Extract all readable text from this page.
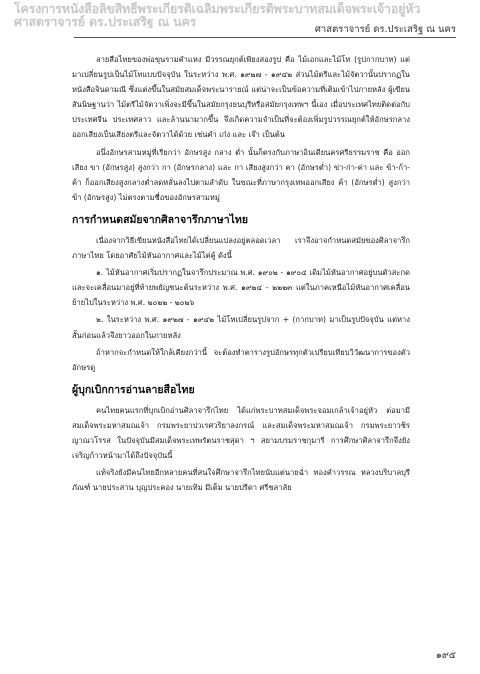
โครงการหนังสือลิขสิทธิ์พระเกียรติเฉลิมพระเกียรติพระบาทสมเด็จพระเจ้าอยู่หัว
ศาสตราจารย์ ดร.ประเสริฐ ณ นคร
ศาสตราจารย์ ดร.ประเสริฐ ณ นคร

ลายสือไทยของพ่อขุนรามคำแหง มีวรรณยุกต์เพียงสองรูป คือ ไม้เอกและไม้โท (รูปกากบาท) แต่มาเปลี่ยนรูปเป็นไม้โทแบบปัจจุบัน ในระหว่าง พ.ศ. ๑๙๒๗ - ๑๙๔๒ ส่วนไม้ตรีและไม้จัตวานั้นปรากฏในหนังสือจินดามณี ซึ่งแต่งขึ้นในสมัยสมเด็จพระนารายณ์ แต่น่าจะเป็นข้อความที่เติมเข้าไปภายหลัง ผู้เขียนสันนิษฐานว่า ไม้ตรีไม้จัตวาเพิ่งจะมีขึ้นในสมัยกรุงธนบุรีหรือสมัยกรุงเทพฯ นี้เอง เมื่อประเทศไทยติดต่อกับประเทศจีน ประเทศลาว และล้านนามากขึ้น จึงเกิดความจำเป็นที่จะต้องเพิ่มรูปวรรณยุกต์ให้อักษรกลางออกเสียงเป็นเสียงตรีและจัตวาได้ด้วย เช่นคำ เก๋ง และ เจ๊า เป็นต้น

อนึ่งอักษรสามหมู่ที่เรียกว่า อักษรสูง กลาง ต่ำ นั้นก็ตรงกับภาษาอินเดียนครศรีธรรมราช คือ ออกเสียง ขา (อักษรสูง) สูงกว่า กา (อักษรกลาง) และ กา เสียงสูงกว่า คา (อักษรต่ำ) ข่า-ก่า-ค่า และ ข้า-ก้า-ค้า ก็ออกเสียงสูงกลางต่ำลดหลั่นลงไปตามลำดับ ในขณะที่ภาษากรุงเทพออกเสียง ค้า (อักษรต่ำ) สูงกว่า ข้า (อักษรสูง) ไม่ตรงตามชื่อของอักษรสามหมู่

การกำหนดสมัยจากศิลาจารึกภาษาไทย

เนื่องจากวิธีเขียนหนังสือไทยได้เปลี่ยนแปลงอยู่ตลอดเวลา เราจึงอาจกำหนดสมัยของศิลาจารึกภาษาไทย โดยอาศัยไม้หันอากาศและไม้ไต่คู้ ดังนี้

๑. ไม้หันอากาศเริ่มปรากฏในจารึกประมาณ พ.ศ. ๑๙๐๒ - ๑๙๐๔ เดิมไม้หันอากาศอยู่บนตัวสะกดและจะเคลื่อนมาอยู่ที่ท้ายพยัญชนะต้นระหว่าง พ.ศ. ๑๙๒๔ - ๒๒๒๓ แต่ในภาคเหนือไม้หันอากาศเคลื่อนย้ายไปในระหว่าง พ.ศ. ๒๐๒๒ - ๒๐๒๖

๒. ในระหว่าง พ.ศ. ๑๙๒๗ - ๑๙๔๒ ไม้โทเปลี่ยนรูปจาก + (กากบาท) มาเป็นรูปปัจจุบัน แต่หางสั้นก่อนแล้วจึงยาวออกในภายหลัง

ถ้าหากจะกำหนดให้ใกล้เคียงกว่านี้ จะต้องทำตารางรูปอักษรทุกตัวเปรียบเทียบวิวัฒนาการของตัวอักษรดู

ผู้บุกเบิกการอ่านลายสือไทย

คนไทยคนแรกที่บุกเบิกอ่านศิลาจารึกไทย ได้แก่พระบาทสมเด็จพระจอมเกล้าเจ้าอยู่หัว ต่อมามีสมเด็จพระมหาสมณเจ้า กรมพระยาปวเรศวริยาลงกรณ์ และสมเด็จพระมหาสมณเจ้า กรมพระยาวชิรญาณวโรรส ในปัจจุบันมีสมเด็จพระเทพรัตนราชสุดา ฯ สยามบรมราชกุมารี การศึกษาศิลาจารึกจึงยังเจริญก้าวหน้ามาได้ถึงปัจจุบันนี้

แท้จริงยังมีคนไทยอีกหลายคนที่สนใจศึกษาจารึกไทยนับแต่นายฉ่ำ ทองคำวรรณ หลวงบริบาลบุรีภัณฑ์ นายประสาน บุญประคอง นายเทิม มีเต็ม นายปรีดา ศรีชลาลัย

๑๙๕
